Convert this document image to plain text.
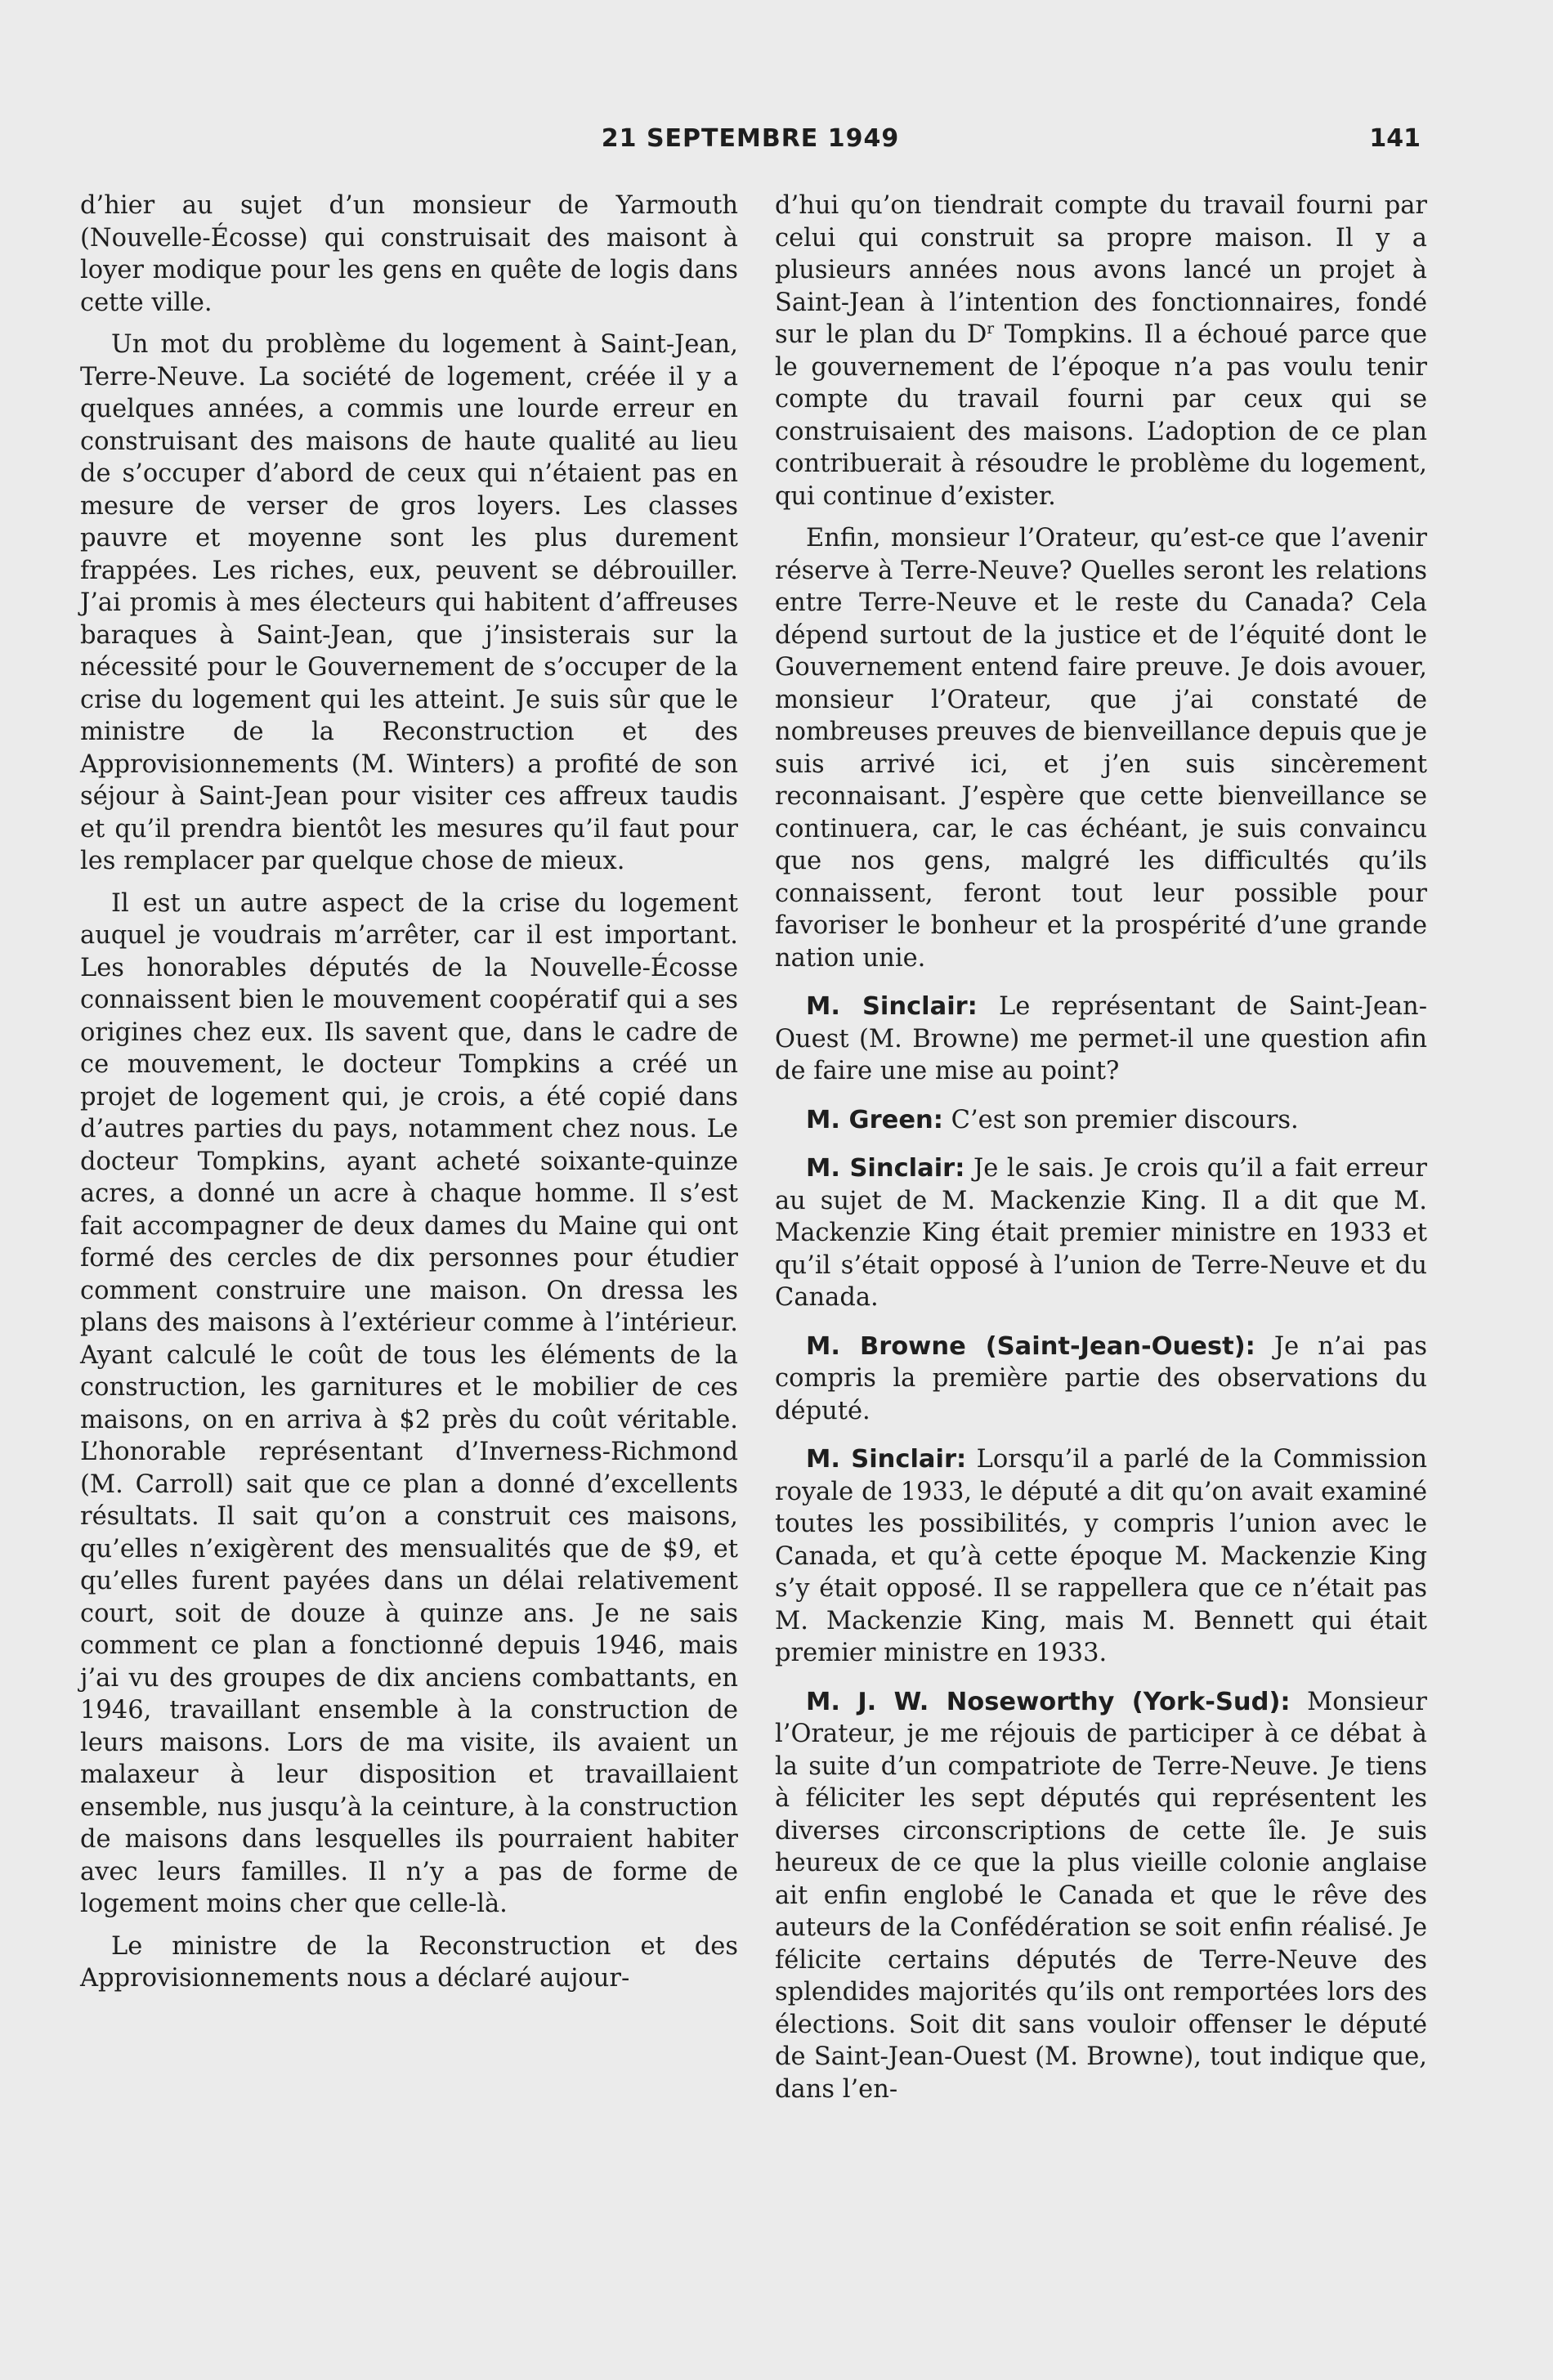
21 SEPTEMBRE 1949	141

d’hier au sujet d’un monsieur de Yarmouth (Nouvelle-Écosse) qui construisait des maisont à loyer modique pour les gens en quête de logis dans cette ville.

Un mot du problème du logement à Saint-Jean, Terre-Neuve. La société de logement, créée il y a quelques années, a commis une lourde erreur en construisant des maisons de haute qualité au lieu de s’occuper d’abord de ceux qui n’étaient pas en mesure de verser de gros loyers. Les classes pauvre et moyenne sont les plus durement frappées. Les riches, eux, peuvent se débrouiller. J’ai promis à mes électeurs qui habitent d’affreuses baraques à Saint-Jean, que j’insisterais sur la nécessité pour le Gouvernement de s’occuper de la crise du logement qui les atteint. Je suis sûr que le ministre de la Reconstruction et des Approvisionnements (M. Winters) a profité de son séjour à Saint-Jean pour visiter ces affreux taudis et qu’il prendra bientôt les mesures qu’il faut pour les remplacer par quelque chose de mieux.

Il est un autre aspect de la crise du logement auquel je voudrais m’arrêter, car il est important. Les honorables députés de la Nouvelle-Écosse connaissent bien le mouvement coopératif qui a ses origines chez eux. Ils savent que, dans le cadre de ce mouvement, le docteur Tompkins a créé un projet de logement qui, je crois, a été copié dans d’autres parties du pays, notamment chez nous. Le docteur Tompkins, ayant acheté soixante-quinze acres, a donné un acre à chaque homme. Il s’est fait accompagner de deux dames du Maine qui ont formé des cercles de dix personnes pour étudier comment construire une maison. On dressa les plans des maisons à l’extérieur comme à l’intérieur. Ayant calculé le coût de tous les éléments de la construction, les garnitures et le mobilier de ces maisons, on en arriva à $2 près du coût véritable. L’honorable représentant d’Inverness-Richmond (M. Carroll) sait que ce plan a donné d’excellents résultats. Il sait qu’on a construit ces maisons, qu’elles n’exigèrent des mensualités que de $9, et qu’elles furent payées dans un délai relativement court, soit de douze à quinze ans. Je ne sais comment ce plan a fonctionné depuis 1946, mais j’ai vu des groupes de dix anciens combattants, en 1946, travaillant ensemble à la construction de leurs maisons. Lors de ma visite, ils avaient un malaxeur à leur disposition et travaillaient ensemble, nus jusqu’à la ceinture, à la construction de maisons dans lesquelles ils pourraient habiter avec leurs familles. Il n’y a pas de forme de logement moins cher que celle-là.

Le ministre de la Reconstruction et des Approvisionnements nous a déclaré aujour-

d’hui qu’on tiendrait compte du travail fourni par celui qui construit sa propre maison. Il y a plusieurs années nous avons lancé un projet à Saint-Jean à l’intention des fonctionnaires, fondé sur le plan du $D^r$ Tompkins. Il a échoué parce que le gouvernement de l’époque n’a pas voulu tenir compte du travail fourni par ceux qui se construisaient des maisons. L’adoption de ce plan contribuerait à résoudre le problème du logement, qui continue d’exister.

Enfin, monsieur l’Orateur, qu’est-ce que l’avenir réserve à Terre-Neuve? Quelles seront les relations entre Terre-Neuve et le reste du Canada? Cela dépend surtout de la justice et de l’équité dont le Gouvernement entend faire preuve. Je dois avouer, monsieur l’Orateur, que j’ai constaté de nombreuses preuves de bienveillance depuis que je suis arrivé ici, et j’en suis sincèrement reconnaisant. J’espère que cette bienveillance se continuera, car, le cas échéant, je suis convaincu que nos gens, malgré les difficultés qu’ils connaissent, feront tout leur possible pour favoriser le bonheur et la prospérité d’une grande nation unie.

M. Sinclair: Le représentant de Saint-Jean-Ouest (M. Browne) me permet-il une question afin de faire une mise au point?

M. Green: C’est son premier discours.

M. Sinclair: Je le sais. Je crois qu’il a fait erreur au sujet de M. Mackenzie King. Il a dit que M. Mackenzie King était premier ministre en 1933 et qu’il s’était opposé à l’union de Terre-Neuve et du Canada.

M. Browne (Saint-Jean-Ouest): Je n’ai pas compris la première partie des observations du député.

M. Sinclair: Lorsqu’il a parlé de la Commission royale de 1933, le député a dit qu’on avait examiné toutes les possibilités, y compris l’union avec le Canada, et qu’à cette époque M. Mackenzie King s’y était opposé. Il se rappellera que ce n’était pas M. Mackenzie King, mais M. Bennett qui était premier ministre en 1933.

M. J. W. Noseworthy (York-Sud): Monsieur l’Orateur, je me réjouis de participer à ce débat à la suite d’un compatriote de Terre-Neuve. Je tiens à féliciter les sept députés qui représentent les diverses circonscriptions de cette île. Je suis heureux de ce que la plus vieille colonie anglaise ait enfin englobé le Canada et que le rêve des auteurs de la Confédération se soit enfin réalisé. Je félicite certains députés de Terre-Neuve des splendides majorités qu’ils ont remportées lors des élections. Soit dit sans vouloir offenser le député de Saint-Jean-Ouest (M. Browne), tout indique que, dans l’en-
